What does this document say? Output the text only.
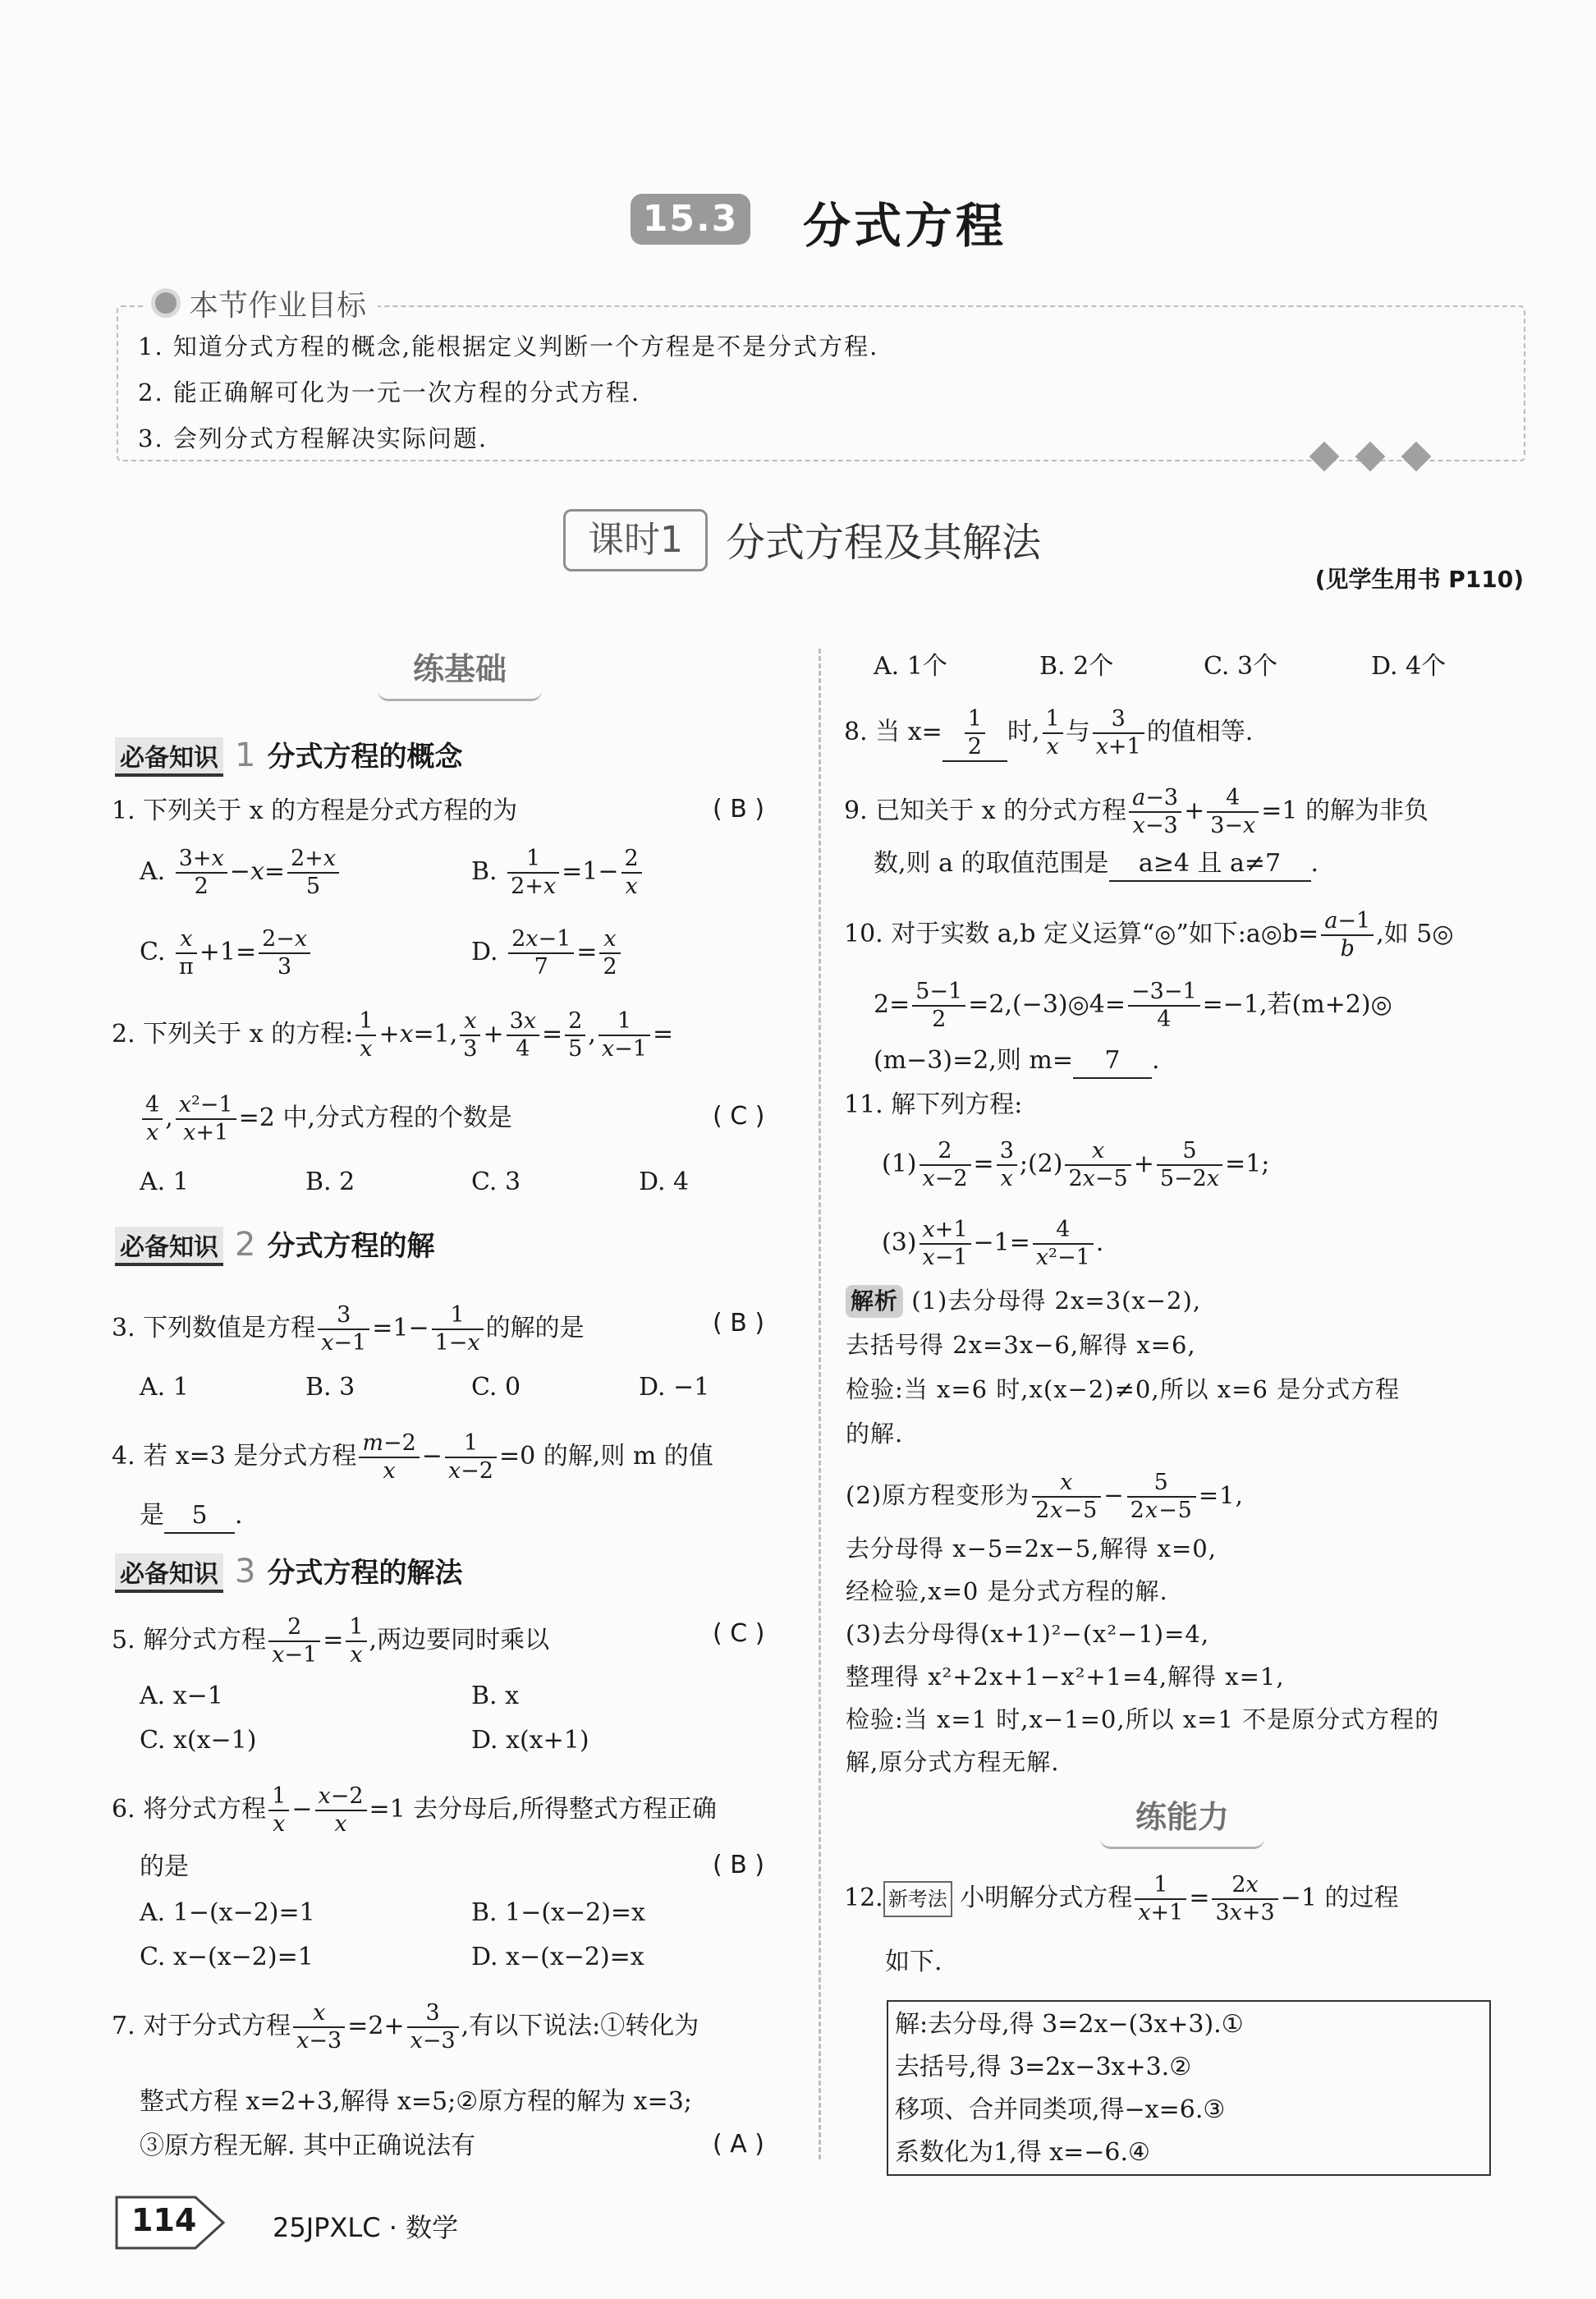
15.3 分式方程
本节作业目标
1. 知道分式方程的概念,能根据定义判断一个方程是不是分式方程.
2. 能正确解可化为一元一次方程的分式方程.
3. 会列分式方程解决实际问题.
课时1	分式方程及其解法
(见学生用书 P110)
练基础
必备知识 1 分式方程的概念
1. 下列关于 x 的方程是分式方程的为	( B )
A. $\frac{3+x}{2} -x= \frac{2+x}{5}$	B. $\frac{1}{2+x} =1- \frac{2}{x}$
C. $\frac{x}{\pi} +1= \frac{2-x}{3}$	D. $\frac{2x-1}{7} = \frac{x}{2}$
2. 下列关于 x 的方程: $\frac{1}{x} +x=1$, $\frac{x}{3} + \frac{3x}{4} = \frac{2}{5}$ , $\frac{1}{x-1}$ =
$\frac{4}{x}$ , $\frac{\text{x²−1}}{x+1} =2$ 中,分式方程的个数是	( C )
A. 1	B. 2	C. 3	D. 4
必备知识 2 分式方程的解
3. 下列数值是方程 $\frac{3}{x-1} =1- \frac{1}{1-x}$ 的解的是	( B )
A. 1	B. 3	C. 0	D. −1
4. 若 x=3 是分式方程 $\frac{m-2}{x} - \frac{1}{x-2} =0$ 的解,则 m 的值
是 5 .
必备知识 3 分式方程的解法
5. 解分式方程 $\frac{2}{x-1} = \frac{1}{x}$ ,两边要同时乘以	( C )
A. x−1	B. x
C. x(x−1)	D. x(x+1)
6. 将分式方程 $\frac{1}{x} - \frac{x-2}{x} =1$ 去分母后,所得整式方程正确
的是	( B )
A. 1−(x−2)=1	B. 1−(x−2)=x
C. x−(x−2)=1	D. x−(x−2)=x
7. 对于分式方程 $\frac{x}{x-3} =2+ \frac{3}{x-3}$ ,有以下说法:①转化为
整式方程 x=2+3,解得 x=5;②原方程的解为 x=3;
③原方程无解. 其中正确说法有	( A )
A. 1个	B. 2个	C. 3个	D. 4个
8. 当 $x= \frac{1}{2}$ 时, $\frac{1}{x}$ 与 $\frac{3}{x+1}$ 的值相等.
9. 已知关于 x 的分式方程 $\frac{a-3}{x-3} + \frac{4}{3-x} =1$ 的解为非负
数,则 a 的取值范围是 a≥4 且 a≠7 .
10. 对于实数 a,b 定义运算“◎”如下:a◎b= $\frac{a-1}{b}$ ,如 5◎
$2= \frac{5-1}{2}$ =2,(−3)◎4= $\frac{-3-1}{4} =-1$,若(m+2)◎
(m−3)=2,则 m= 7 .
11. 解下列方程:
$(1) \frac{2}{x-2} = \frac{3}{x}$ ;(2) $\frac{x}{2x-5} + \frac{5}{5-2x} =1$;
$(3) \frac{x+1}{x-1} -1= \frac{4}{\text{x²−1}}$ .
解析 (1)去分母得 2x=3(x−2),
去括号得 2x=3x−6,解得 x=6,
检验:当 x=6 时,x(x−2)≠0,所以 x=6 是分式方程
的解.
(2)原方程变形为 $\frac{x}{2x-5} - \frac{5}{2x-5} =1$,
去分母得 x−5=2x−5,解得 x=0,
经检验,x=0 是分式方程的解.
(3)去分母得(x+1)²−(x²−1)=4,
整理得 x²+2x+1−x²+1=4,解得 x=1,
检验:当 x=1 时,x−1=0,所以 x=1 不是原分式方程的
解,原分式方程无解.
练能力
12. 新考法 小明解分式方程 $\frac{1}{x+1} = \frac{2x}{3x+3} -1$ 的过程
如下.
解:去分母,得 3=2x−(3x+3).①
去括号,得 3=2x−3x+3.②
移项、合并同类项,得−x=6.③
系数化为1,得 x=−6.④
114	25JPXLC · 数学
